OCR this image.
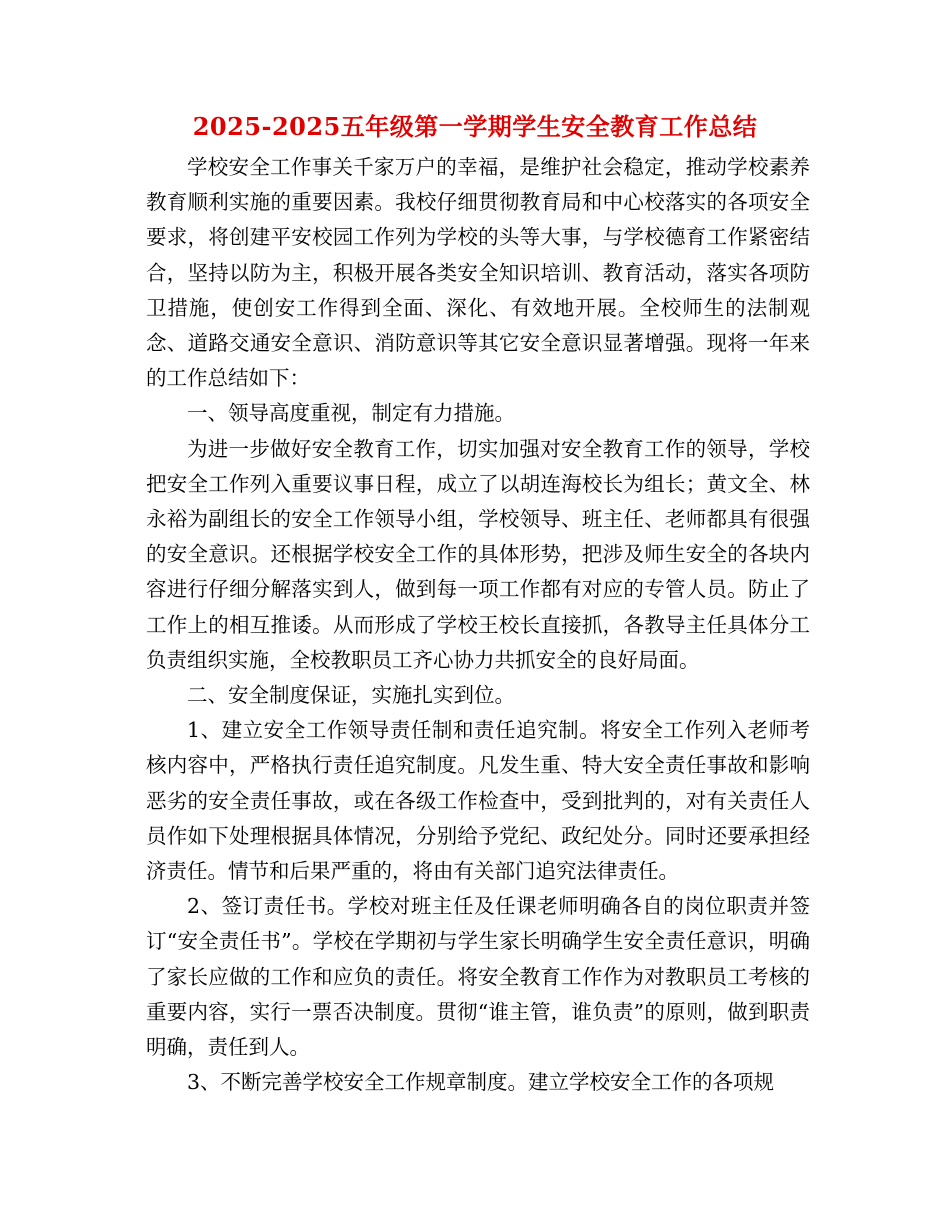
2025-2025五年级第一学期学生安全教育工作总结

学校安全工作事关千家万户的幸福，是维护社会稳定，推动学校素养教育顺利实施的重要因素。我校仔细贯彻教育局和中心校落实的各项安全要求，将创建平安校园工作列为学校的头等大事，与学校德育工作紧密结合，坚持以防为主，积极开展各类安全知识培训、教育活动，落实各项防卫措施，使创安工作得到全面、深化、有效地开展。全校师生的法制观念、道路交通安全意识、消防意识等其它安全意识显著增强。现将一年来的工作总结如下：

一、领导高度重视，制定有力措施。

为进一步做好安全教育工作，切实加强对安全教育工作的领导，学校把安全工作列入重要议事日程，成立了以胡连海校长为组长；黄文全、林永裕为副组长的安全工作领导小组，学校领导、班主任、老师都具有很强的安全意识。还根据学校安全工作的具体形势，把涉及师生安全的各块内容进行仔细分解落实到人，做到每一项工作都有对应的专管人员。防止了工作上的相互推诿。从而形成了学校王校长直接抓，各教导主任具体分工负责组织实施，全校教职员工齐心协力共抓安全的良好局面。

二、安全制度保证，实施扎实到位。

1、建立安全工作领导责任制和责任追究制。将安全工作列入老师考核内容中，严格执行责任追究制度。凡发生重、特大安全责任事故和影响恶劣的安全责任事故，或在各级工作检查中，受到批判的，对有关责任人员作如下处理根据具体情况，分别给予党纪、政纪处分。同时还要承担经济责任。情节和后果严重的，将由有关部门追究法律责任。

2、签订责任书。学校对班主任及任课老师明确各自的岗位职责并签订“安全责任书”。学校在学期初与学生家长明确学生安全责任意识，明确了家长应做的工作和应负的责任。将安全教育工作作为对教职员工考核的重要内容，实行一票否决制度。贯彻“谁主管，谁负责”的原则，做到职责明确，责任到人。

3、不断完善学校安全工作规章制度。建立学校安全工作的各项规
